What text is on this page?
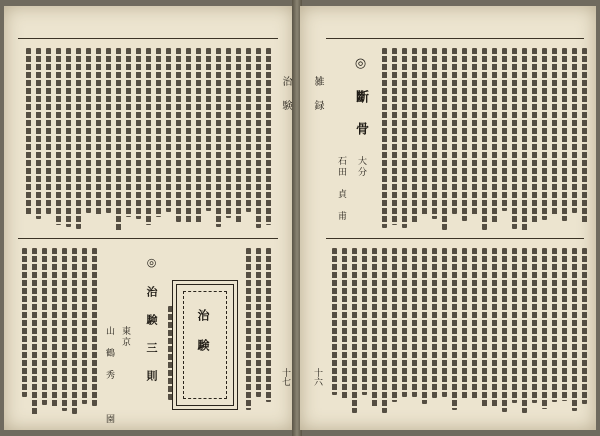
治　験
十七
◎　治　験　三　則
東京
山　鶴　秀　　　園	治　験
雑　録
十六
◎　斷　骨
大分
石田　貞　甫
